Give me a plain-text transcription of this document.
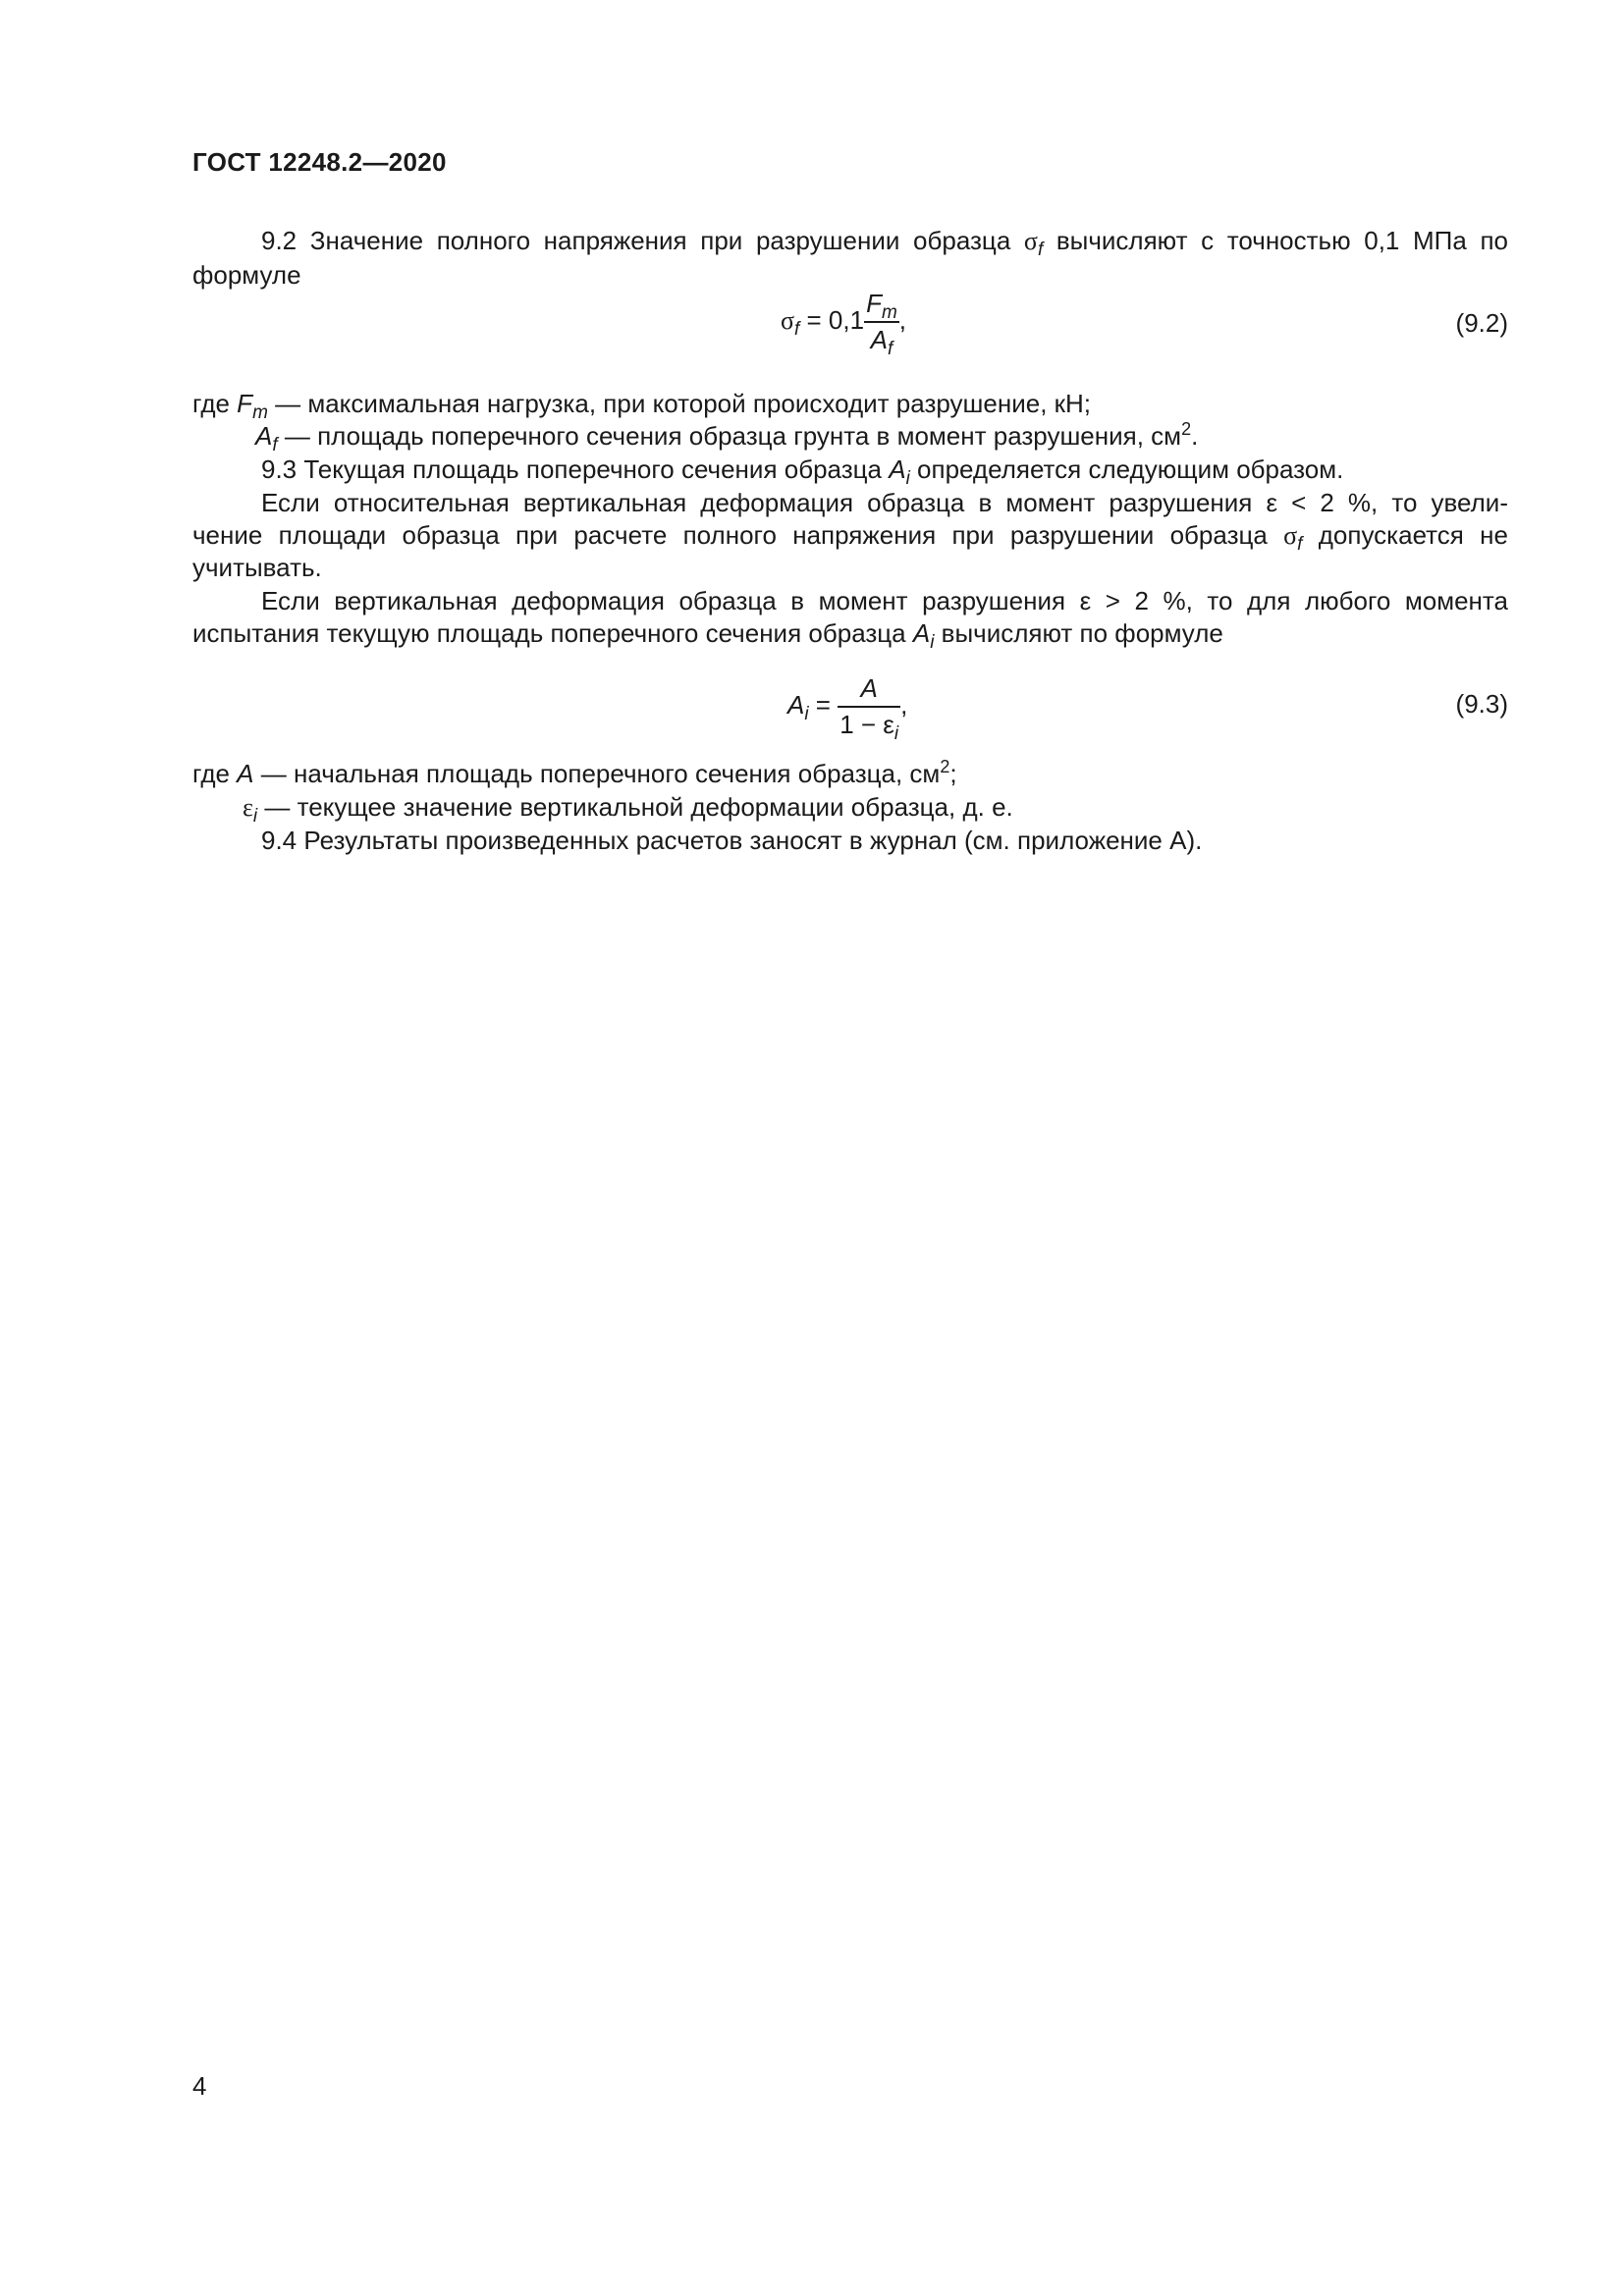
ГОСТ 12248.2—2020
9.2 Значение полного напряжения при разрушении образца $\sigma_f$ вычисляют с точностью 0,1 МПа по
формуле
$\sigma_f = 0,1 \frac{F_m}{A_f}$ ,	(9.2)
где $F_m$ — максимальная нагрузка, при которой происходит разрушение, кН;
$A_f$ — площадь поперечного сечения образца грунта в момент разрушения, $см^2$.
9.3 Текущая площадь поперечного сечения образца $A_i$ определяется следующим образом.
Если относительная вертикальная деформация образца в момент разрушения ε < 2 %, то увели-
чение площади образца при расчете полного напряжения при разрушении образца $\sigma_f$ допускается не
учитывать.
Если вертикальная деформация образца в момент разрушения ε > 2 %, то для любого момента
испытания текущую площадь поперечного сечения образца $A_i$ вычисляют по формуле
$A_i = \frac{A}{1 - \varepsilon_i}$ ,	(9.3)
где A — начальная площадь поперечного сечения образца, $см^2$;
$\varepsilon_i$ — текущее значение вертикальной деформации образца, д. е.
9.4 Результаты произведенных расчетов заносят в журнал (см. приложение А).
4
